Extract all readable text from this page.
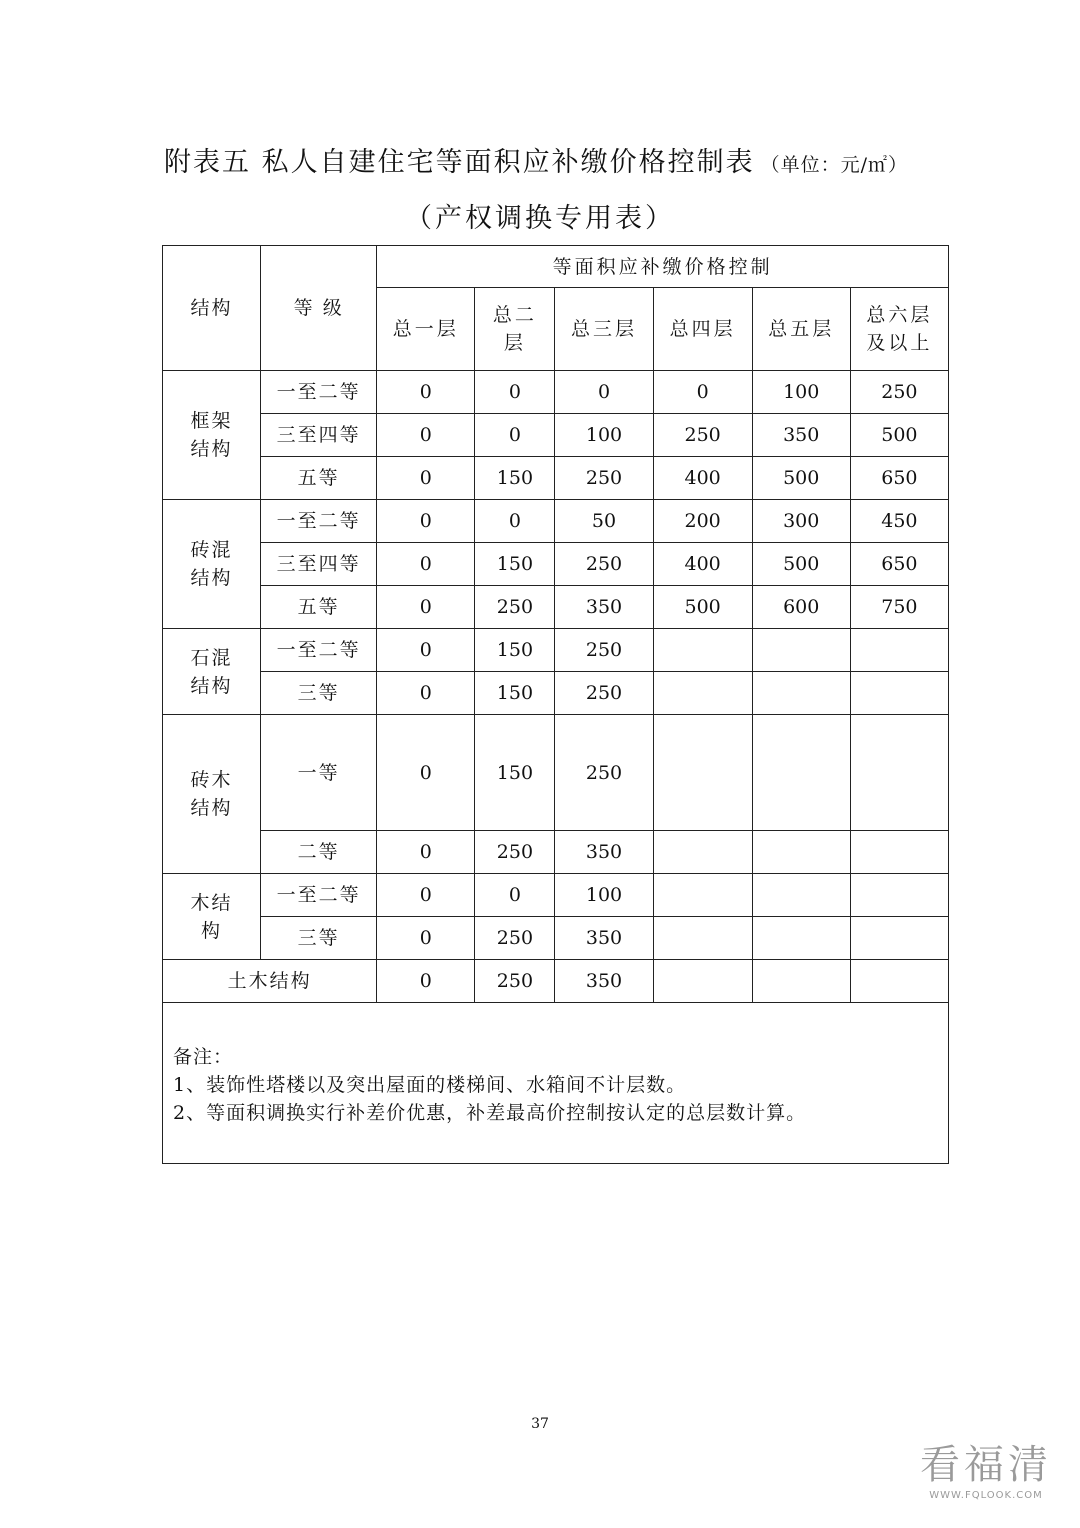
附表五 私人自建住宅等面积应补缴价格控制表 （单位：元/㎡）
（产权调换专用表）
结构	等 级	等面积应补缴价格控制					
		总一层	总二层	总三层	总四层	总五层	总六层及以上

框架结构	一至二等	0	0	0	0	100	250
	三至四等	0	0	100	250	350	500
	五等	0	150	250	400	500	650
砖混结构	一至二等	0	0	50	200	300	450
	三至四等	0	150	250	400	500	650
	五等	0	250	350	500	600	750
石混结构	一至二等	0	150	250			
	三等	0	150	250			
砖木结构	一等	0	150	250			
	二等	0	250	350			
木结构	一至二等	0	0	100			
	三等	0	250	350			
土木结构		0	250	350			

备注：
1、装饰性塔楼以及突出屋面的楼梯间、水箱间不计层数。
2、等面积调换实行补差价优惠，补差最高价控制按认定的总层数计算。							
37
看福清
WWW.FQLOOK.COM
